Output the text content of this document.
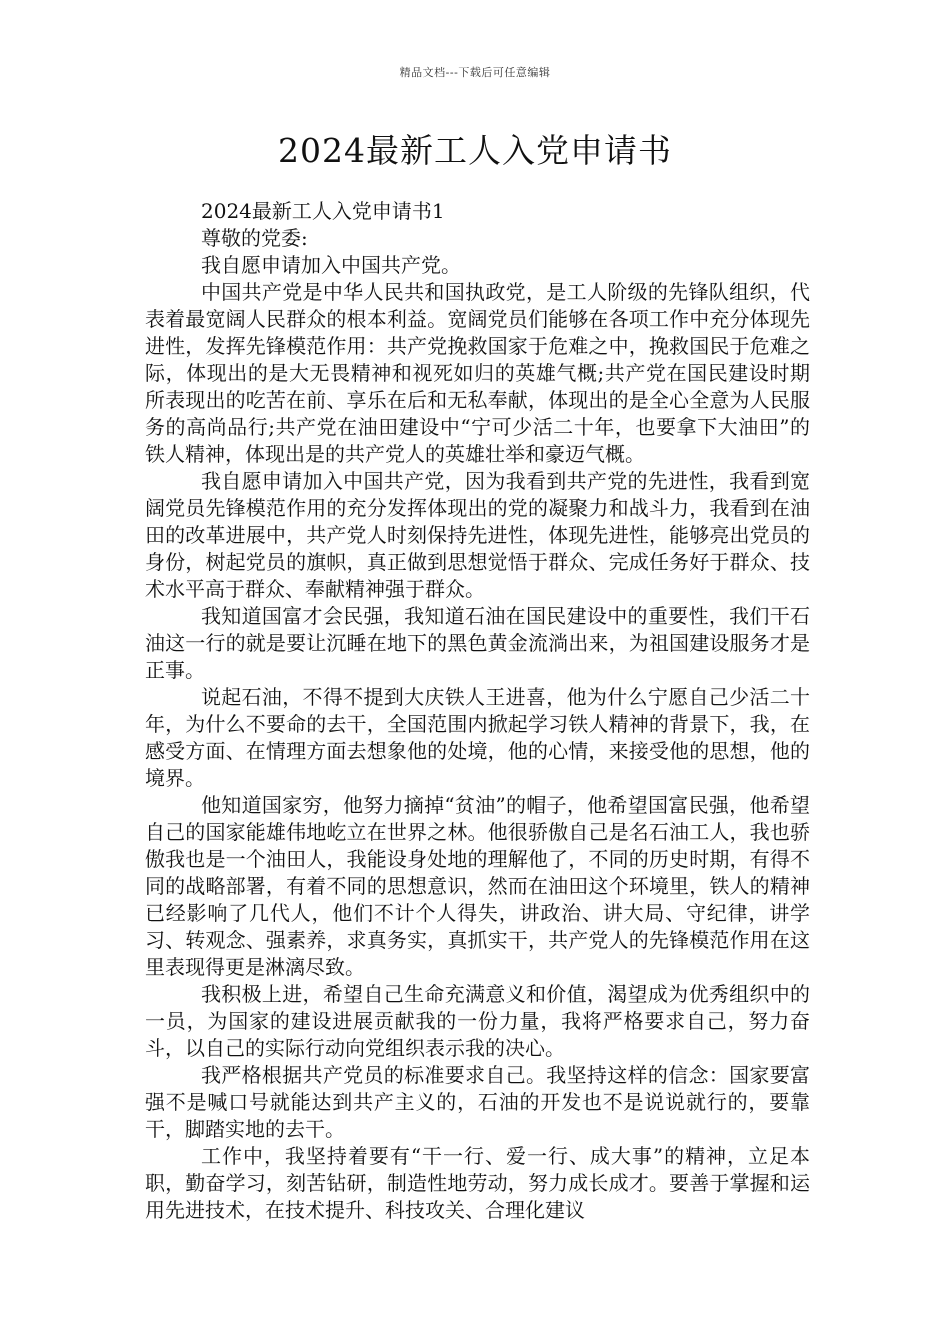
精品文档---下载后可任意编辑
2024最新工人入党申请书

2024最新工人入党申请书1

尊敬的党委:

我自愿申请加入中国共产党。

中国共产党是中华人民共和国执政党，是工人阶级的先锋队组织，代表着最宽阔人民群众的根本利益。宽阔党员们能够在各项工作中充分体现先进性，发挥先锋模范作用：共产党挽救国家于危难之中，挽救国民于危难之际，体现出的是大无畏精神和视死如归的英雄气概;共产党在国民建设时期所表现出的吃苦在前、享乐在后和无私奉献，体现出的是全心全意为人民服务的高尚品行;共产党在油田建设中“宁可少活二十年，也要拿下大油田”的铁人精神，体现出是的共产党人的英雄壮举和豪迈气概。

我自愿申请加入中国共产党，因为我看到共产党的先进性，我看到宽阔党员先锋模范作用的充分发挥体现出的党的凝聚力和战斗力，我看到在油田的改革进展中，共产党人时刻保持先进性，体现先进性，能够亮出党员的身份，树起党员的旗帜，真正做到思想觉悟于群众、完成任务好于群众、技术水平高于群众、奉献精神强于群众。

我知道国富才会民强，我知道石油在国民建设中的重要性，我们干石油这一行的就是要让沉睡在地下的黑色黄金流淌出来，为祖国建设服务才是正事。

说起石油，不得不提到大庆铁人王进喜，他为什么宁愿自己少活二十年，为什么不要命的去干，全国范围内掀起学习铁人精神的背景下，我，在感受方面、在情理方面去想象他的处境，他的心情，来接受他的思想，他的境界。

他知道国家穷，他努力摘掉“贫油”的帽子，他希望国富民强，他希望自己的国家能雄伟地屹立在世界之林。他很骄傲自己是名石油工人，我也骄傲我也是一个油田人，我能设身处地的理解他了，不同的历史时期，有得不同的战略部署，有着不同的思想意识，然而在油田这个环境里，铁人的精神已经影响了几代人，他们不计个人得失，讲政治、讲大局、守纪律，讲学习、转观念、强素养，求真务实，真抓实干，共产党人的先锋模范作用在这里表现得更是淋漓尽致。

我积极上进，希望自己生命充满意义和价值，渴望成为优秀组织中的一员，为国家的建设进展贡献我的一份力量，我将严格要求自己，努力奋斗，以自己的实际行动向党组织表示我的决心。

我严格根据共产党员的标准要求自己。我坚持这样的信念：国家要富强不是喊口号就能达到共产主义的，石油的开发也不是说说就行的，要靠干，脚踏实地的去干。

工作中，我坚持着要有“干一行、爱一行、成大事”的精神，立足本职，勤奋学习，刻苦钻研，制造性地劳动，努力成长成才。要善于掌握和运用先进技术，在技术提升、科技攻关、合理化建议
